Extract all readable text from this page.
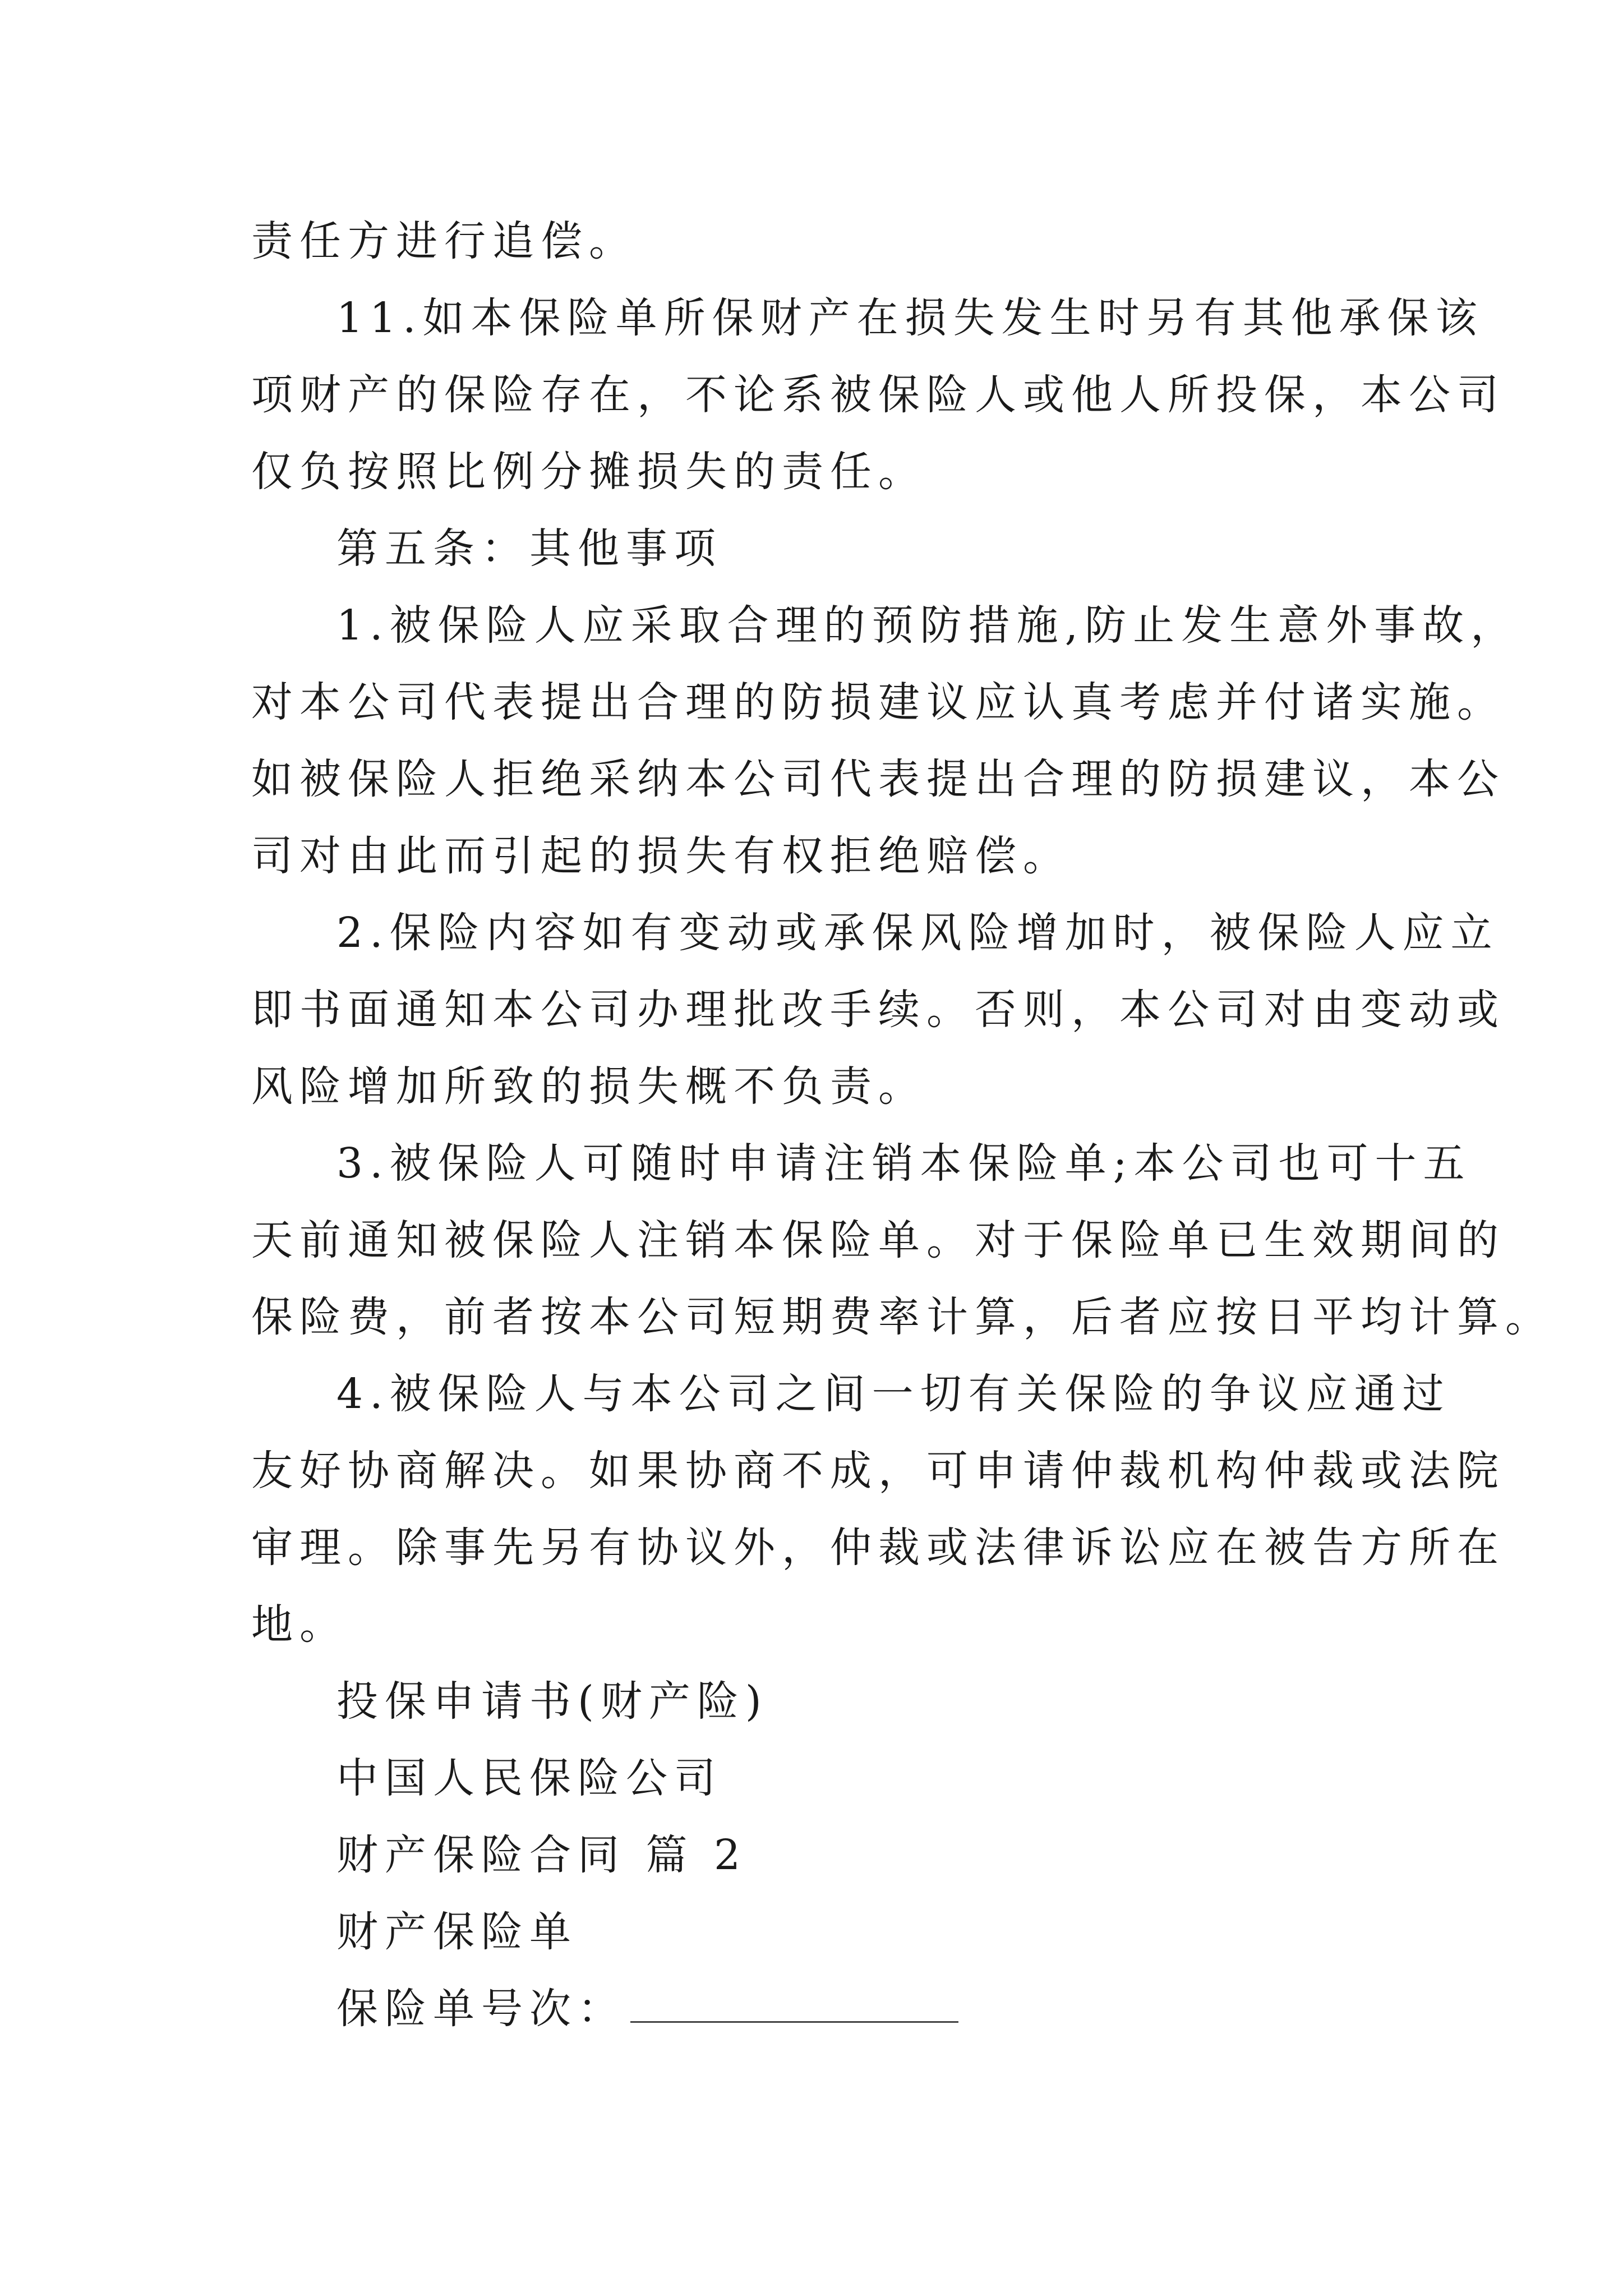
责任方进行追偿。
11.如本保险单所保财产在损失发生时另有其他承保该
项财产的保险存在，不论系被保险人或他人所投保，本公司
仅负按照比例分摊损失的责任。
第五条：其他事项
1.被保险人应采取合理的预防措施,防止发生意外事故，
对本公司代表提出合理的防损建议应认真考虑并付诸实施。
如被保险人拒绝采纳本公司代表提出合理的防损建议，本公
司对由此而引起的损失有权拒绝赔偿。
2.保险内容如有变动或承保风险增加时，被保险人应立
即书面通知本公司办理批改手续。否则，本公司对由变动或
风险增加所致的损失概不负责。
3.被保险人可随时申请注销本保险单;本公司也可十五
天前通知被保险人注销本保险单。对于保险单已生效期间的
保险费，前者按本公司短期费率计算，后者应按日平均计算。
4.被保险人与本公司之间一切有关保险的争议应通过
友好协商解决。如果协商不成，可申请仲裁机构仲裁或法院
审理。除事先另有协议外，仲裁或法律诉讼应在被告方所在
地。
投保申请书(财产险)
中国人民保险公司
财产保险合同 篇 2
财产保险单
保险单号次：
